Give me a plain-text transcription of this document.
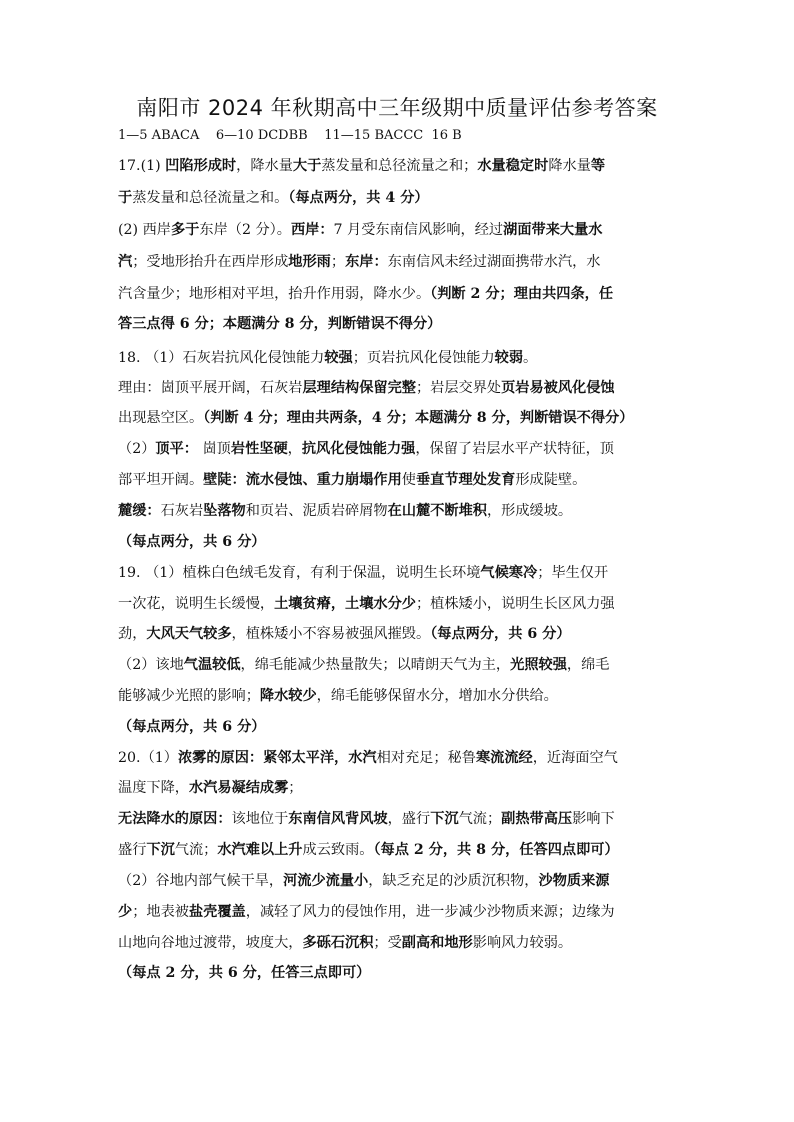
南阳市 2024 年秋期高中三年级期中质量评估参考答案
1—5 ABACA    6—10 DCDBB    11—15 BACCC  16 B
17.(1) 凹陷形成时，降水量大于蒸发量和总径流量之和；水量稳定时降水量等
于蒸发量和总径流量之和。（每点两分，共 4 分）
(2) 西岸多于东岸（2 分）。西岸：7 月受东南信风影响，经过湖面带来大量水
汽；受地形抬升在西岸形成地形雨；东岸：东南信风未经过湖面携带水汽，水
汽含量少；地形相对平坦，抬升作用弱，降水少。（判断 2 分；理由共四条，任
答三点得 6 分；本题满分 8 分，判断错误不得分）
18. （1）石灰岩抗风化侵蚀能力较强；页岩抗风化侵蚀能力较弱。
理由：崮顶平展开阔，石灰岩层理结构保留完整；岩层交界处页岩易被风化侵蚀
出现悬空区。（判断 4 分；理由共两条，4 分；本题满分 8 分，判断错误不得分）
（2）顶平： 崮顶岩性坚硬，抗风化侵蚀能力强，保留了岩层水平产状特征，顶
部平坦开阔。壁陡：流水侵蚀、重力崩塌作用使垂直节理处发育形成陡壁。
麓缓：石灰岩坠落物和页岩、泥质岩碎屑物在山麓不断堆积，形成缓坡。
（每点两分，共 6 分）
19. （1）植株白色绒毛发育，有利于保温，说明生长环境气候寒冷；毕生仅开
一次花，说明生长缓慢，土壤贫瘠，土壤水分少；植株矮小，说明生长区风力强
劲，大风天气较多，植株矮小不容易被强风摧毁。（每点两分，共 6 分）
（2）该地气温较低，绵毛能减少热量散失；以晴朗天气为主，光照较强，绵毛
能够减少光照的影响；降水较少，绵毛能够保留水分，增加水分供给。
（每点两分，共 6 分）
20.（1）浓雾的原因：紧邻太平洋，水汽相对充足；秘鲁寒流流经，近海面空气
温度下降，水汽易凝结成雾；
无法降水的原因：该地位于东南信风背风坡，盛行下沉气流；副热带高压影响下
盛行下沉气流；水汽难以上升成云致雨。（每点 2 分，共 8 分，任答四点即可）
（2）谷地内部气候干旱，河流少流量小，缺乏充足的沙质沉积物，沙物质来源
少；地表被盐壳覆盖，减轻了风力的侵蚀作用，进一步减少沙物质来源；边缘为
山地向谷地过渡带，坡度大，多砾石沉积；受副高和地形影响风力较弱。
（每点 2 分，共 6 分，任答三点即可）
